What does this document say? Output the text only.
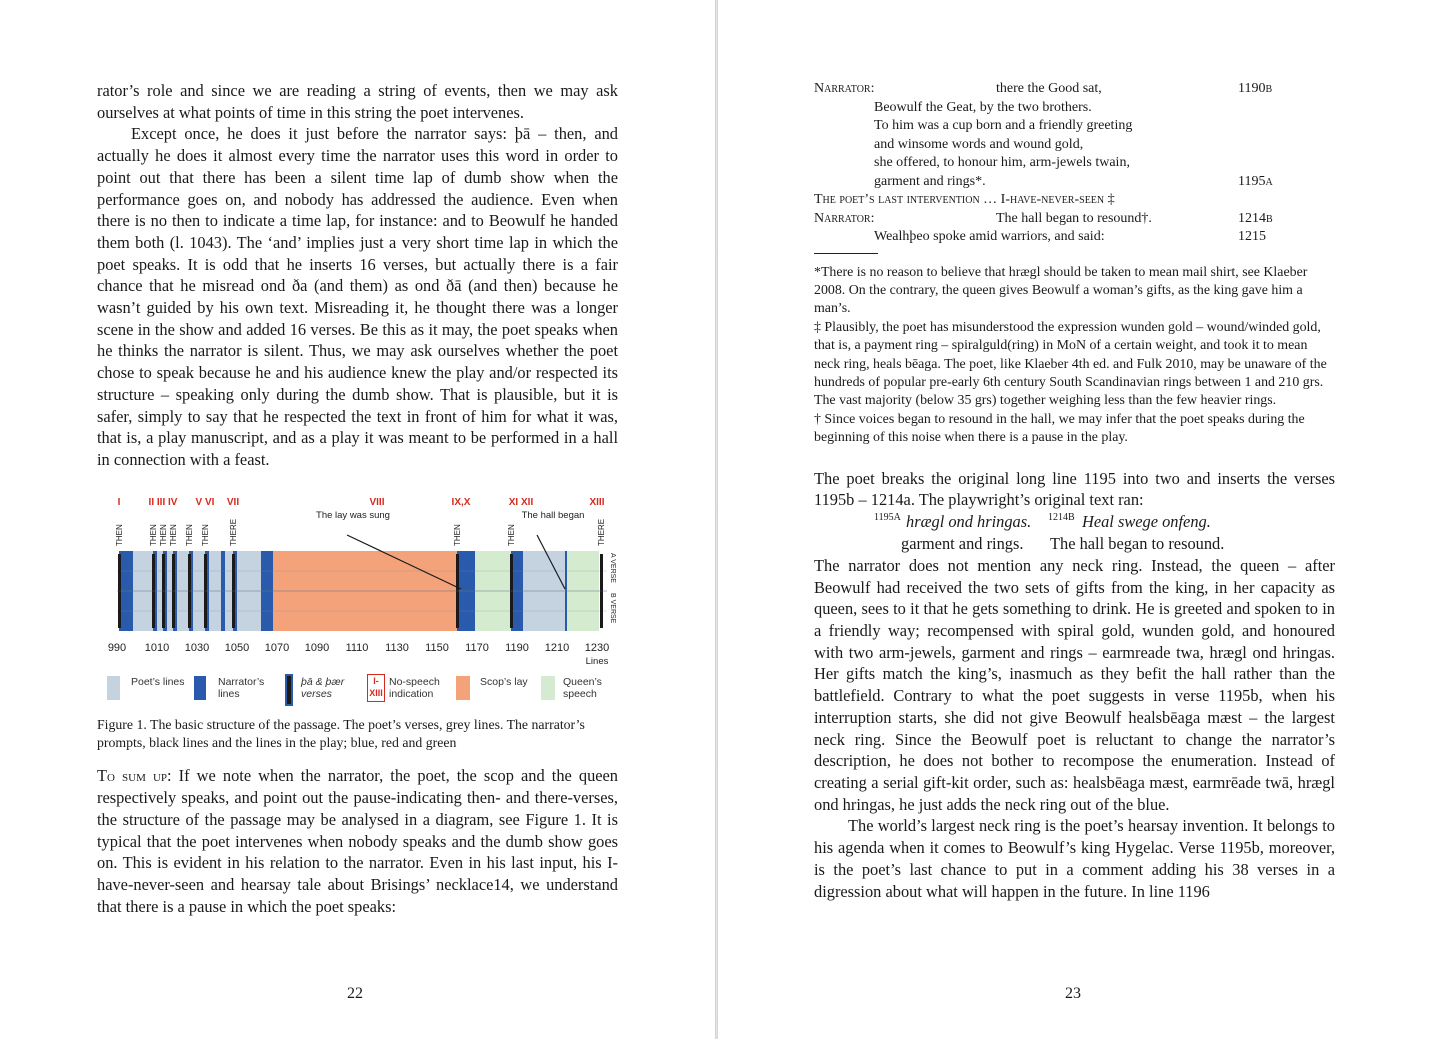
rator’s role and since we are reading a string of events, then we may ask ourselves at what points of time in this string the poet intervenes.

Except once, he does it just before the narrator says: þā – then, and actually he does it almost every time the narrator uses this word in order to point out that there has been a silent time lap of dumb show when the performance goes on, and nobody has addressed the audience. Even when there is no then to indicate a time lap, for instance: and to Beowulf he handed them both (l. 1043). The ‘and’ implies just a very short time lap in which the poet speaks. It is odd that he inserts 16 verses, but actually there is a fair chance that he misread ond ða (and them) as ond ðā (and then) because he wasn’t guided by his own text. Misreading it, he thought there was a longer scene in the show and added 16 verses. Be this as it may, the poet speaks when he thinks the narrator is silent. Thus, we may ask ourselves whether the poet chose to speak because he and his audience knew the play and/or respected its structure – speaking only during the dumb show. That is plausible, but it is safer, simply to say that he respected the text in front of him for what it was, that is, a play manuscript, and as a play it was meant to be performed in a hall in connection with a feast.

I	II III IV V VI VII	VIII	IX,X	XI XII	XIII
THEN	THEN THEN THEN THEN THEN THERE	THEN	THEN	THERE
The lay was sung	The hall began
A VERSE
B VERSE
990 1010 1030 1050 1070 1090 1110 1130 1150 1170 1190 1210 1230
Lines
Poet’s lines	Narrator’s lines
þā & þær verses
I-
XIII
No-speech indication
Scop’s lay	Queen’s speech

Figure 1. The basic structure of the passage. The poet’s verses, grey lines. The narrator’s prompts, black lines and the lines in the play; blue, red and green

To sum up: If we note when the narrator, the poet, the scop and the queen respectively speaks, and point out the pause-indicating then- and there-verses, the structure of the passage may be analysed in a diagram, see Figure 1. It is typical that the poet intervenes when nobody speaks and the dumb show goes on. This is evident in his relation to the narrator. Even in his last input, his I-have-never-seen and hearsay tale about Brisings’ necklace14, we understand that there is a pause in which the poet speaks:

22
Narrator:	there the Good sat,	1190b
Beowulf the Geat, by the two brothers.
To him was a cup born and a friendly greeting
and winsome words and wound gold,
she offered, to honour him, arm-jewels twain,
garment and rings*.	1195a
The poet’s last intervention … I-have-never-seen ‡
Narrator:	The hall began to resound†.	1214b
Wealhþeo spoke amid warriors, and said:	1215

*There is no reason to believe that hrægl should be taken to mean mail shirt, see Klaeber 2008. On the contrary, the queen gives Beowulf a woman’s gifts, as the king gave him a man’s.

‡ Plausibly, the poet has misunderstood the expression wunden gold – wound/winded gold, that is, a payment ring – spiralguld(ring) in MoN of a certain weight, and took it to mean neck ring, heals bēaga. The poet, like Klaeber 4th ed. and Fulk 2010, may be unaware of the hundreds of popular pre-early 6th century South Scandinavian rings between 1 and 210 grs. The vast majority (below 35 grs) together weighing less than the few heavier rings.

† Since voices began to resound in the hall, we may infer that the poet speaks during the beginning of this noise when there is a pause in the play.

The poet breaks the original long line 1195 into two and inserts the verses 1195b – 1214a. The playwright’s original text ran:

1195A hrægl ond hringas. 1214B Heal swege onfeng.
garment and rings. The hall began to resound.

The narrator does not mention any neck ring. Instead, the queen – after Beowulf had received the two sets of gifts from the king, in her capacity as queen, sees to it that he gets something to drink. He is greeted and spoken to in a friendly way; recompensed with spiral gold, wunden gold, and honoured with two arm-jewels, garment and rings – earmreade twa, hrægl ond hringas. Her gifts match the king’s, inasmuch as they befit the hall rather than the battlefield. Contrary to what the poet suggests in verse 1195b, when his interruption starts, she did not give Beowulf healsbēaga mæst – the largest neck ring. Since the Beowulf poet is reluctant to change the narrator’s description, he does not bother to recompose the enumeration. Instead of creating a serial gift-kit order, such as: healsbēaga mæst, earmrēade twā, hrægl ond hringas, he just adds the neck ring out of the blue.

The world’s largest neck ring is the poet’s hearsay invention. It belongs to his agenda when it comes to Beowulf’s king Hygelac. Verse 1195b, moreover, is the poet’s last chance to put in a comment adding his 38 verses in a digression about what will happen in the future. In line 1196

23
